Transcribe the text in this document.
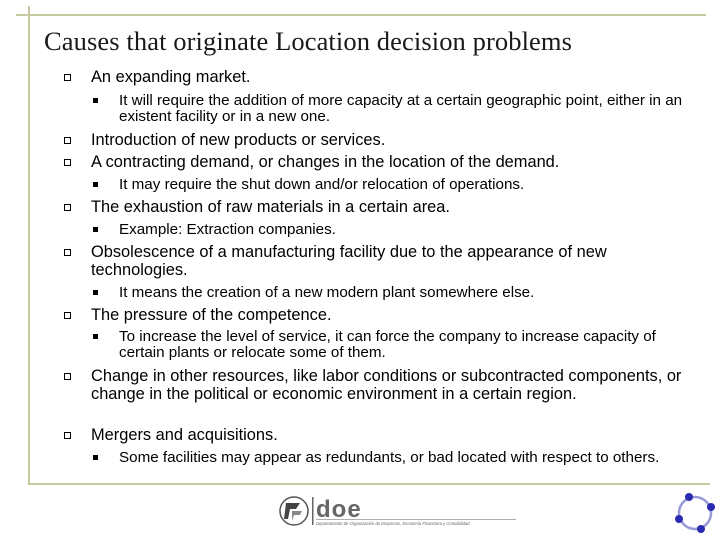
Causes that originate Location decision problems
An expanding market.
It will require the addition of more capacity at a certain geographic point, either in an existent facility or in a new one.
Introduction of new products or services.
A contracting demand, or changes in the location of the demand.
It may require the shut down and/or relocation of operations.
The exhaustion of raw materials in a certain area.
Example: Extraction companies.
Obsolescence of a manufacturing facility due to the appearance of new technologies.
It means the creation of a new modern plant somewhere else.
The pressure of the competence.
To increase the level of service, it can force the company to increase capacity of certain plants or relocate some of them.
Change in other resources, like labor conditions or subcontracted components, or change in the political or economic environment in a certain region.
Mergers and acquisitions.
Some facilities may appear as redundants, or bad located with respect to others.
doe
Departamento de Organización de Empresas, Economía Financiera y Contabilidad
